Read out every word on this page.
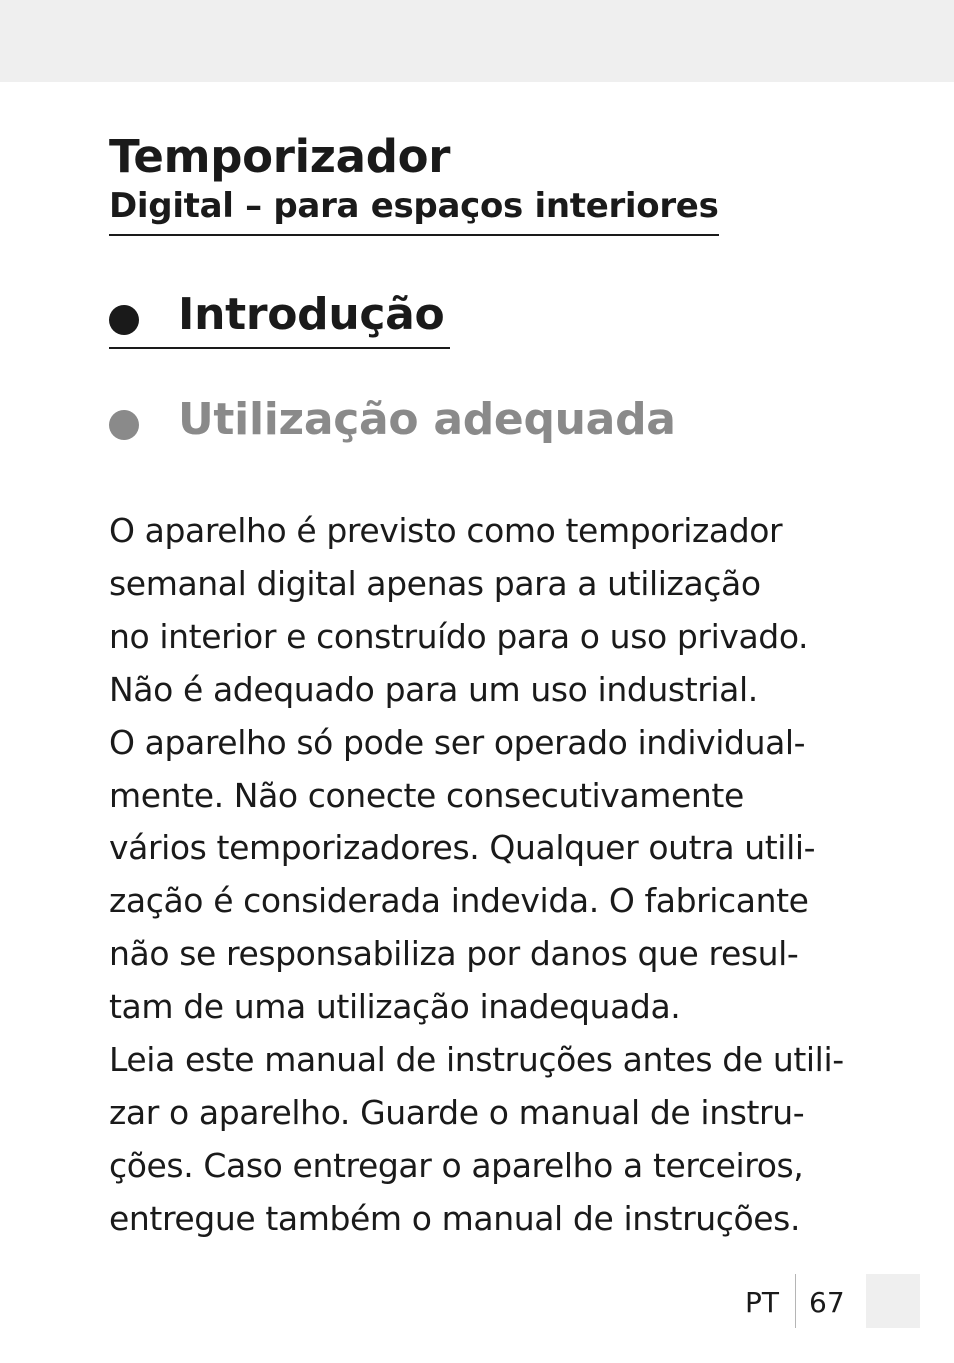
Temporizador
Digital – para espaços interiores
Introdução
Utilização adequada
O aparelho é previsto como temporizador
semanal digital apenas para a utilização
no interior e construído para o uso privado.
Não é adequado para um uso industrial.
O aparelho só pode ser operado individual-
mente. Não conecte consecutivamente
vários temporizadores. Qualquer outra utili-
zação é considerada indevida. O fabricante
não se responsabiliza por danos que resul-
tam de uma utilização inadequada.
Leia este manual de instruções antes de utili-
zar o aparelho. Guarde o manual de instru-
ções. Caso entregar o aparelho a terceiros,
entregue também o manual de instruções.
PT 67
